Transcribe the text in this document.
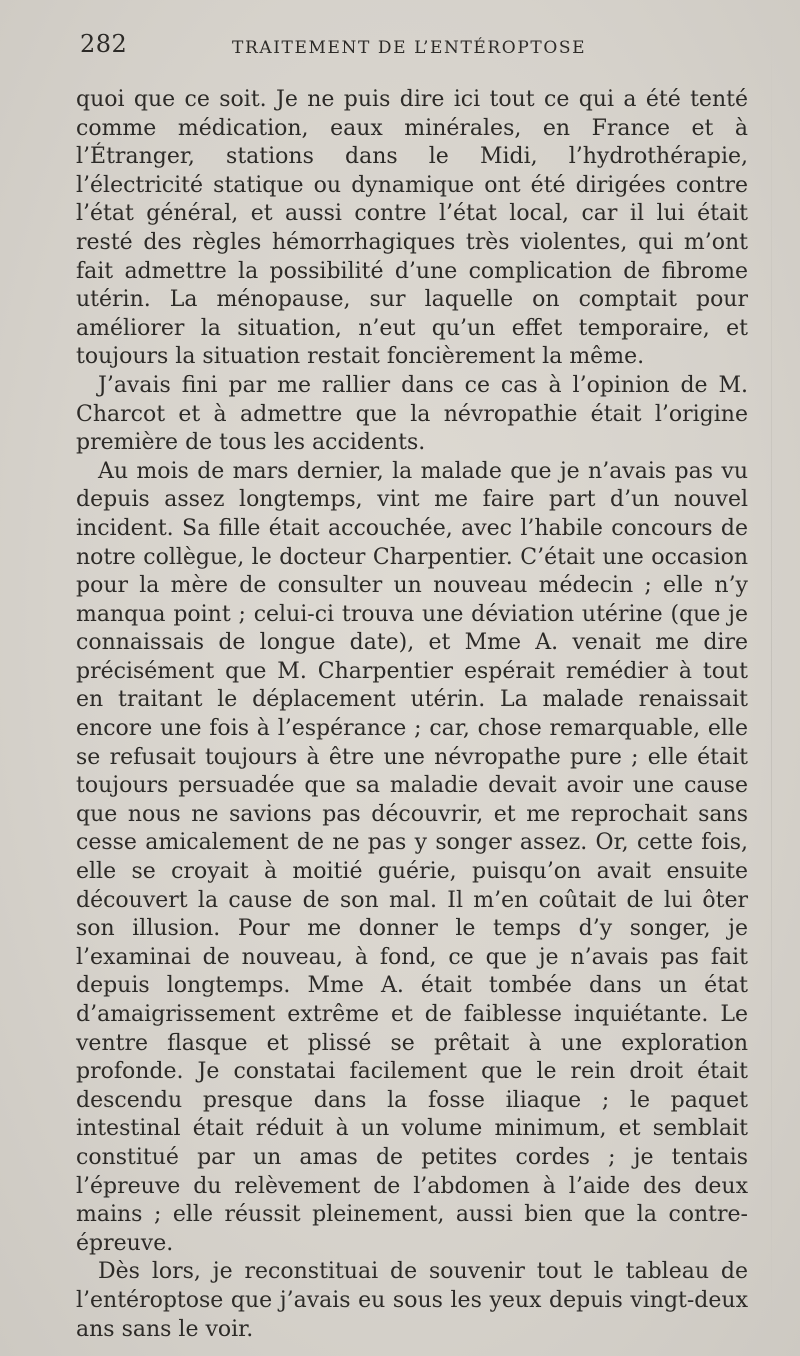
282	TRAITEMENT DE L’ENTÉROPTOSE

quoi que ce soit. Je ne puis dire ici tout ce qui a été tenté comme médication, eaux minérales, en France et à l’Étranger, stations dans le Midi, l’hydrothérapie, l’électricité statique ou dynamique ont été dirigées contre l’état général, et aussi contre l’état local, car il lui était resté des règles hémorrhagiques très violentes, qui m’ont fait admettre la possibilité d’une complication de fibrome utérin. La ménopause, sur laquelle on comptait pour améliorer la situation, n’eut qu’un effet temporaire, et toujours la situation restait foncièrement la même.

J’avais fini par me rallier dans ce cas à l’opinion de M. Charcot et à admettre que la névropathie était l’origine première de tous les accidents.

Au mois de mars dernier, la malade que je n’avais pas vu depuis assez longtemps, vint me faire part d’un nouvel incident. Sa fille était accouchée, avec l’habile concours de notre collègue, le docteur Charpentier. C’était une occasion pour la mère de consulter un nouveau médecin ; elle n’y manqua point ; celui-ci trouva une déviation utérine (que je connaissais de longue date), et Mme A. venait me dire précisément que M. Charpentier espérait remédier à tout en traitant le déplacement utérin. La malade renaissait encore une fois à l’espérance ; car, chose remarquable, elle se refusait toujours à être une névropathe pure ; elle était toujours persuadée que sa maladie devait avoir une cause que nous ne savions pas découvrir, et me reprochait sans cesse amicalement de ne pas y songer assez. Or, cette fois, elle se croyait à moitié guérie, puisqu’on avait ensuite découvert la cause de son mal. Il m’en coûtait de lui ôter son illusion. Pour me donner le temps d’y songer, je l’examinai de nouveau, à fond, ce que je n’avais pas fait depuis longtemps. Mme A. était tombée dans un état d’amaigrissement extrême et de faiblesse inquiétante. Le ventre flasque et plissé se prêtait à une exploration profonde. Je constatai facilement que le rein droit était descendu presque dans la fosse iliaque ; le paquet intestinal était réduit à un volume minimum, et semblait constitué par un amas de petites cordes ; je tentais l’épreuve du relèvement de l’abdomen à l’aide des deux mains ; elle réussit pleinement, aussi bien que la contre-épreuve.

Dès lors, je reconstituai de souvenir tout le tableau de l’entéroptose que j’avais eu sous les yeux depuis vingt-deux ans sans le voir.
